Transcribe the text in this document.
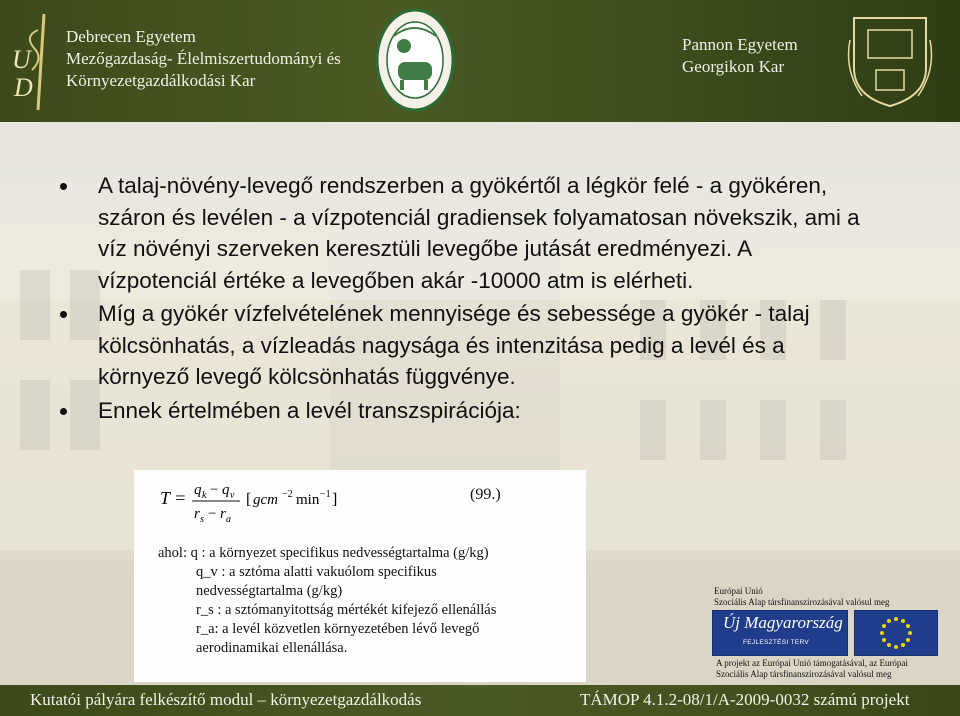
U
D
Debrecen Egyetem
Mezőgazdaság- Élelmiszertudományi és
Környezetgazdálkodási Kar
Pannon Egyetem
Georgikon Kar
A talaj-növény-levegő rendszerben a gyökértől a légkör felé - a gyökéren, száron és levélen - a vízpotenciál gradiensek folyamatosan növekszik, ami a víz növényi szerveken keresztüli levegőbe jutását eredményezi. A vízpotenciál értéke a levegőben akár -10000 atm is elérheti.
Míg a gyökér vízfelvételének mennyisége és sebessége a gyökér - talaj kölcsönhatás, a vízleadás nagysága és intenzitása pedig a levél és a környező levegő kölcsönhatás függvénye.
Ennek értelmében a levél transzspirációja:
T = q k − q v
r s − r a
[ gcm −2 min −1 ]	(99.)
ahol: q : a környezet specifikus nedvességtartalma (g/kg)
q_v : a sztóma alatti vakuólom specifikus
nedvességtartalma (g/kg)
r_s : a sztómanyitottság mértékét kifejező ellenállás
r_a: a levél közvetlen környezetében lévő levegő
aerodinamikai ellenállása.
Új Magyarország
FEJLESZTÉSI TERV
A projekt az Európai Unió támogatásával, az Európai
Szociális Alap társfinanszírozásával valósul meg
Európai Unió
Szociális Alap társfinanszírozásával valósul meg
Kutatói pályára felkészítő modul – környezetgazdálkodás	TÁMOP 4.1.2-08/1/A-2009-0032 számú projekt
